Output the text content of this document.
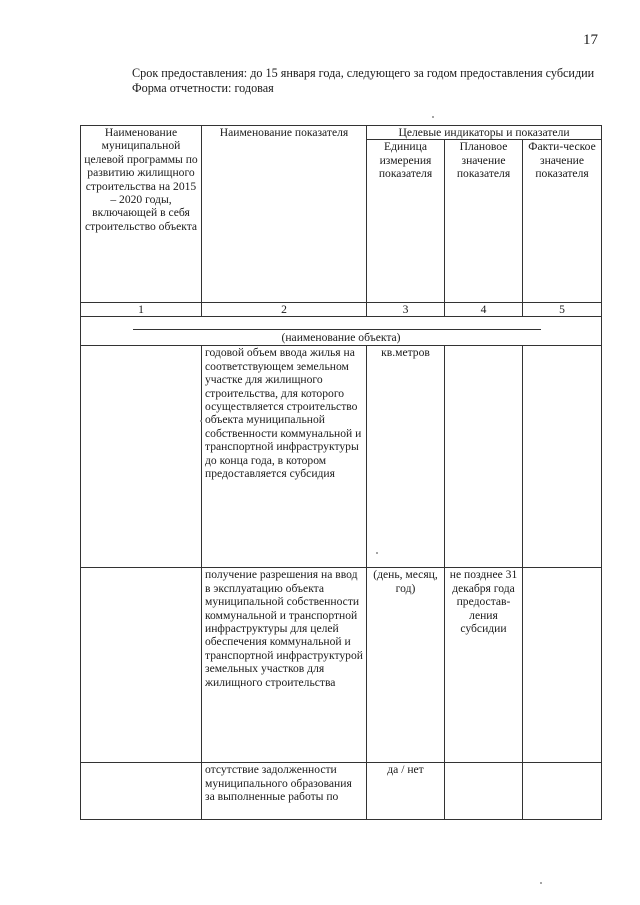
17

Срок предоставления: до 15 января года, следующего за годом предоставления субсидии

Форма отчетности: годовая

Наименование муниципальной целевой программы по развитию жилищного строительства на 2015 – 2020 годы, включающей в себя строительство объекта	Наименование показателя	Целевые индикаторы и показатели		
		Единица измерения показателя	Плановое значение показателя	Факти-ческое значение показателя
1	2	3	4	5

(наименование объекта)				

	годовой объем ввода жилья на соответствующем земельном участке для жилищного строительства, для которого осуществляется строительство объекта муниципальной собственности коммунальной и транспортной инфраструктуры до конца года, в котором предоставляется субсидия	кв.метров		
	получение разрешения на ввод в эксплуатацию объекта муниципальной собственности коммунальной и транспортной инфраструктуры для целей обеспечения коммунальной и транспортной инфраструктурой земельных участков для жилищного строительства	(день, месяц, год)	не позднее 31 декабря года предостав-ления субсидии	
	отсутствие задолженности муниципального образования за выполненные работы по	да / нет		
